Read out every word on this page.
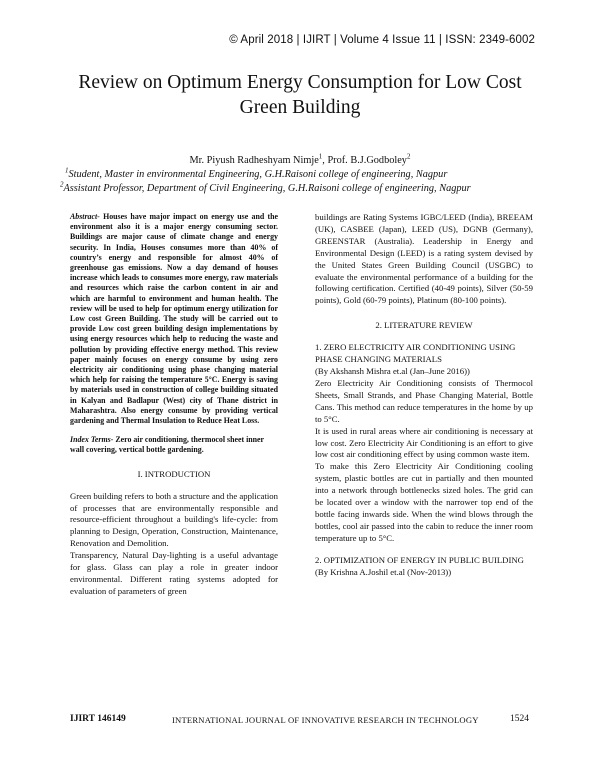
© April 2018 | IJIRT | Volume 4 Issue 11 | ISSN: 2349-6002
Review on Optimum Energy Consumption for Low Cost
Green Building
Mr. Piyush Radheshyam Nimje$^1$, Prof. B.J.Godboley$^2$
$^1$Student, Master in environmental Engineering, G.H.Raisoni college of engineering, Nagpur
$^2$Assistant Professor, Department of Civil Engineering, G.H.Raisoni college of engineering, Nagpur

Abstract- Houses have major impact on energy use and the environment also it is a major energy consuming sector. Buildings are major cause of climate change and energy security. In India, Houses consumes more than 40% of country’s energy and responsible for almost 40% of greenhouse gas emissions. Now a day demand of houses increase which leads to consumes more energy, raw materials and resources which raise the carbon content in air and which are harmful to environment and human health. The review will be used to help for optimum energy utilization for Low cost Green Building. The study will be carried out to provide Low cost green building design implementations by using energy resources which help to reducing the waste and pollution by providing effective energy method. This review paper mainly focuses on energy consume by using zero electricity air conditioning using phase changing material which help for raising the temperature 5°C. Energy is saving by materials used in construction of college building situated in Kalyan and Badlapur (West) city of Thane district in Maharashtra. Also energy consume by providing vertical gardening and Thermal Insulation to Reduce Heat Loss.

Index Terms- Zero air conditioning, thermocol sheet inner wall covering, vertical bottle gardening.

I. INTRODUCTION

Green building refers to both a structure and the application of processes that are environmentally responsible and resource-efficient throughout a building's life-cycle: from planning to Design, Operation, Construction, Maintenance, Renovation and Demolition.

Transparency, Natural Day-lighting is a useful advantage for glass. Glass can play a role in greater indoor environmental. Different rating systems adopted for evaluation of parameters of green

buildings are Rating Systems IGBC/LEED (India), BREEAM (UK), CASBEE (Japan), LEED (US), DGNB (Germany), GREENSTAR (Australia). Leadership in Energy and Environmental Design (LEED) is a rating system devised by the United States Green Building Council (USGBC) to evaluate the environmental performance of a building for the following certification. Certified (40-49 points), Silver (50-59 points), Gold (60-79 points), Platinum (80-100 points).

2. LITERATURE REVIEW

1. ZERO ELECTRICITY AIR CONDITIONING USING PHASE CHANGING MATERIALS

(By Akshansh Mishra et.al (Jan–June 2016))

Zero Electricity Air Conditioning consists of Thermocol Sheets, Small Strands, and Phase Changing Material, Bottle Cans. This method can reduce temperatures in the home by up to 5°C.

It is used in rural areas where air conditioning is necessary at low cost. Zero Electricity Air Conditioning is an effort to give low cost air conditioning effect by using common waste item.

To make this Zero Electricity Air Conditioning cooling system, plastic bottles are cut in partially and then mounted into a network through bottlenecks sized holes. The grid can be located over a window with the narrower top end of the bottle facing inwards side. When the wind blows through the bottles, cool air passed into the cabin to reduce the inner room temperature up to 5°C.

2. OPTIMIZATION OF ENERGY IN PUBLIC BUILDING

(By Krishna A.Joshil et.al (Nov-2013))

IJIRT 146149	INTERNATIONAL JOURNAL OF INNOVATIVE RESEARCH IN TECHNOLOGY	1524
